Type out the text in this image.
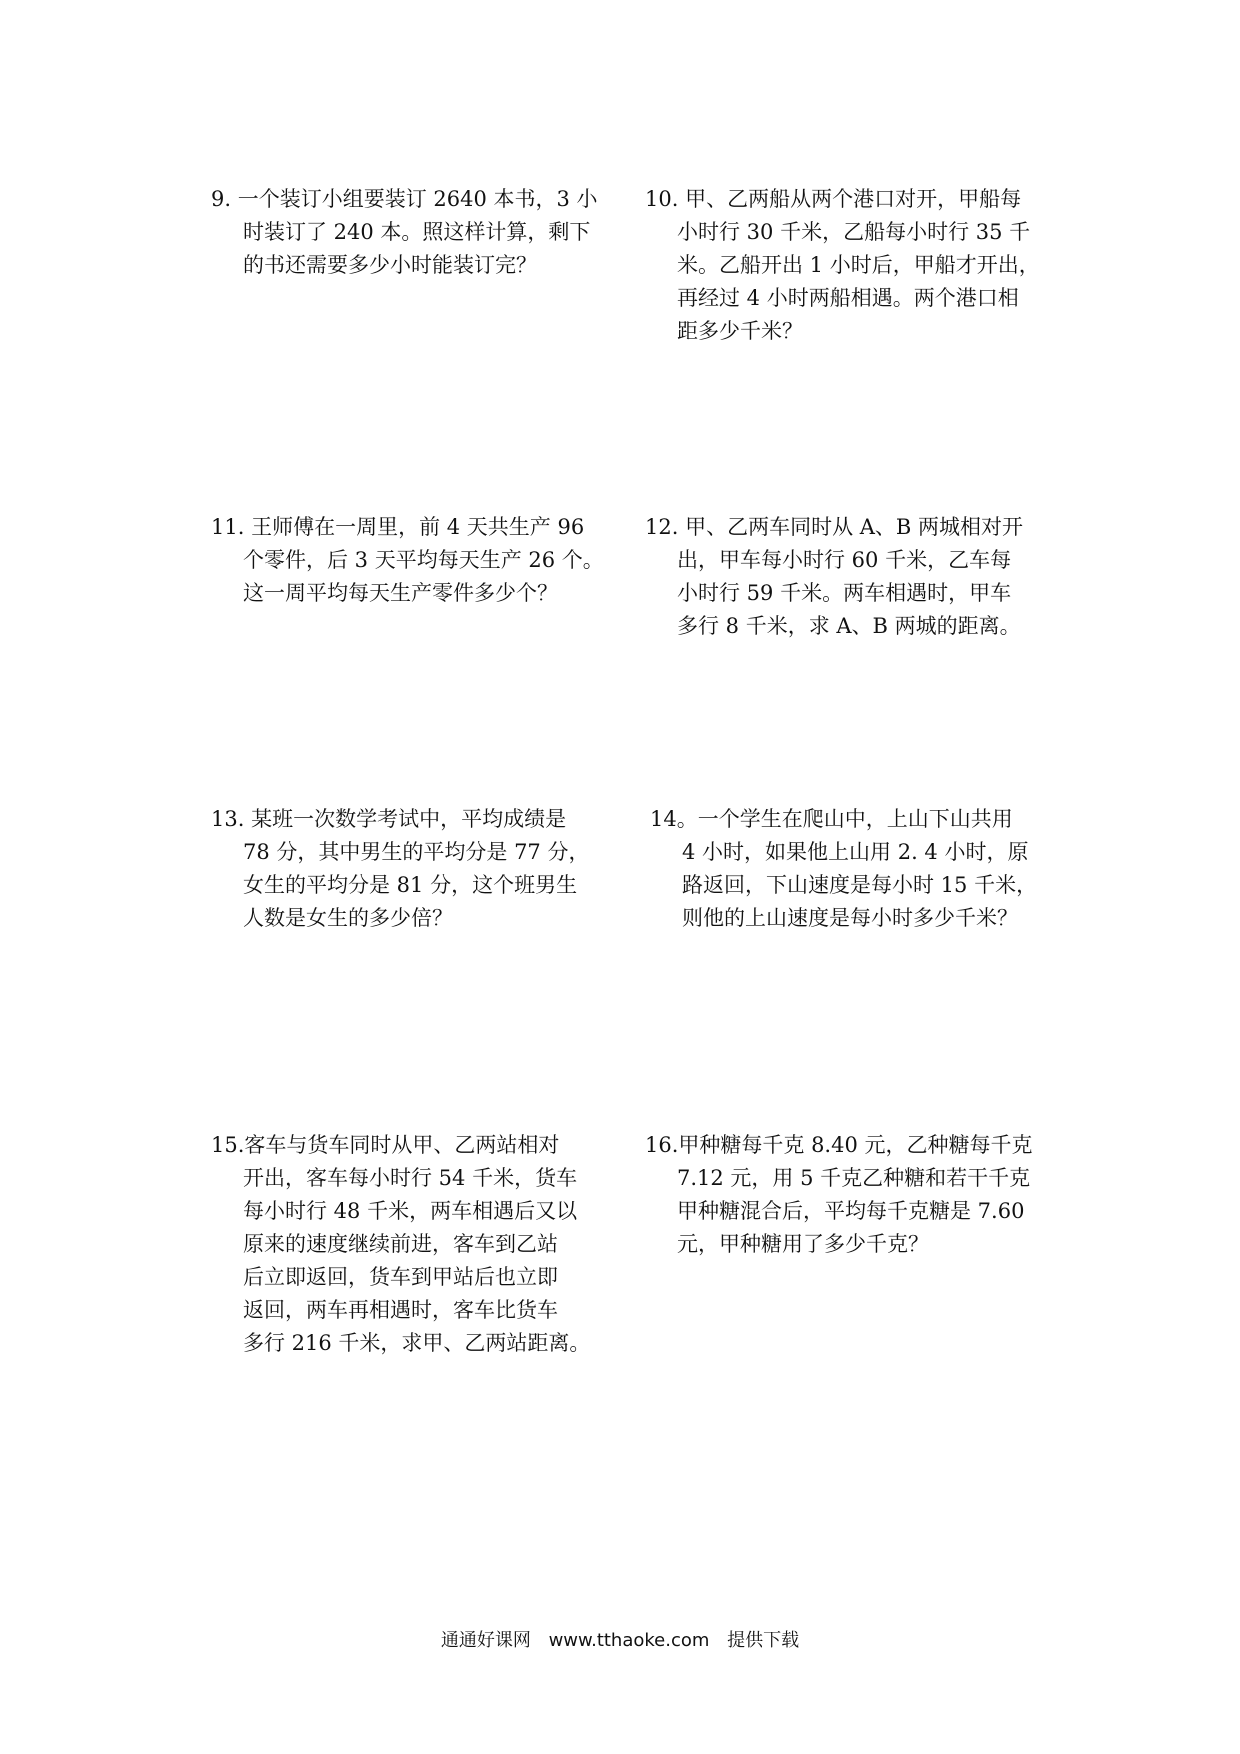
9. 一个装订小组要装订 2640 本书，3 小
时装订了 240 本。照这样计算，剩下
的书还需要多少小时能装订完？
10. 甲、乙两船从两个港口对开，甲船每
小时行 30 千米，乙船每小时行 35 千
米。乙船开出 1 小时后，甲船才开出，
再经过 4 小时两船相遇。两个港口相
距多少千米？
11. 王师傅在一周里，前 4 天共生产 96
个零件，后 3 天平均每天生产 26 个。
这一周平均每天生产零件多少个？
12. 甲、乙两车同时从 A、B 两城相对开
出，甲车每小时行 60 千米，乙车每
小时行 59 千米。两车相遇时，甲车
多行 8 千米，求 A、B 两城的距离。
13. 某班一次数学考试中，平均成绩是
78 分，其中男生的平均分是 77 分，
女生的平均分是 81 分，这个班男生
人数是女生的多少倍？
14。一个学生在爬山中，上山下山共用
4 小时，如果他上山用 2. 4 小时，原
路返回，下山速度是每小时 15 千米，
则他的上山速度是每小时多少千米？
15.客车与货车同时从甲、乙两站相对
开出，客车每小时行 54 千米，货车
每小时行 48 千米，两车相遇后又以
原来的速度继续前进，客车到乙站
后立即返回，货车到甲站后也立即
返回，两车再相遇时，客车比货车
多行 216 千米，求甲、乙两站距离。
16.甲种糖每千克 8.40 元，乙种糖每千克
7.12 元，用 5 千克乙种糖和若干千克
甲种糖混合后，平均每千克糖是 7.60
元，甲种糖用了多少千克？
通通好课网 www.tthaoke.com 提供下载
